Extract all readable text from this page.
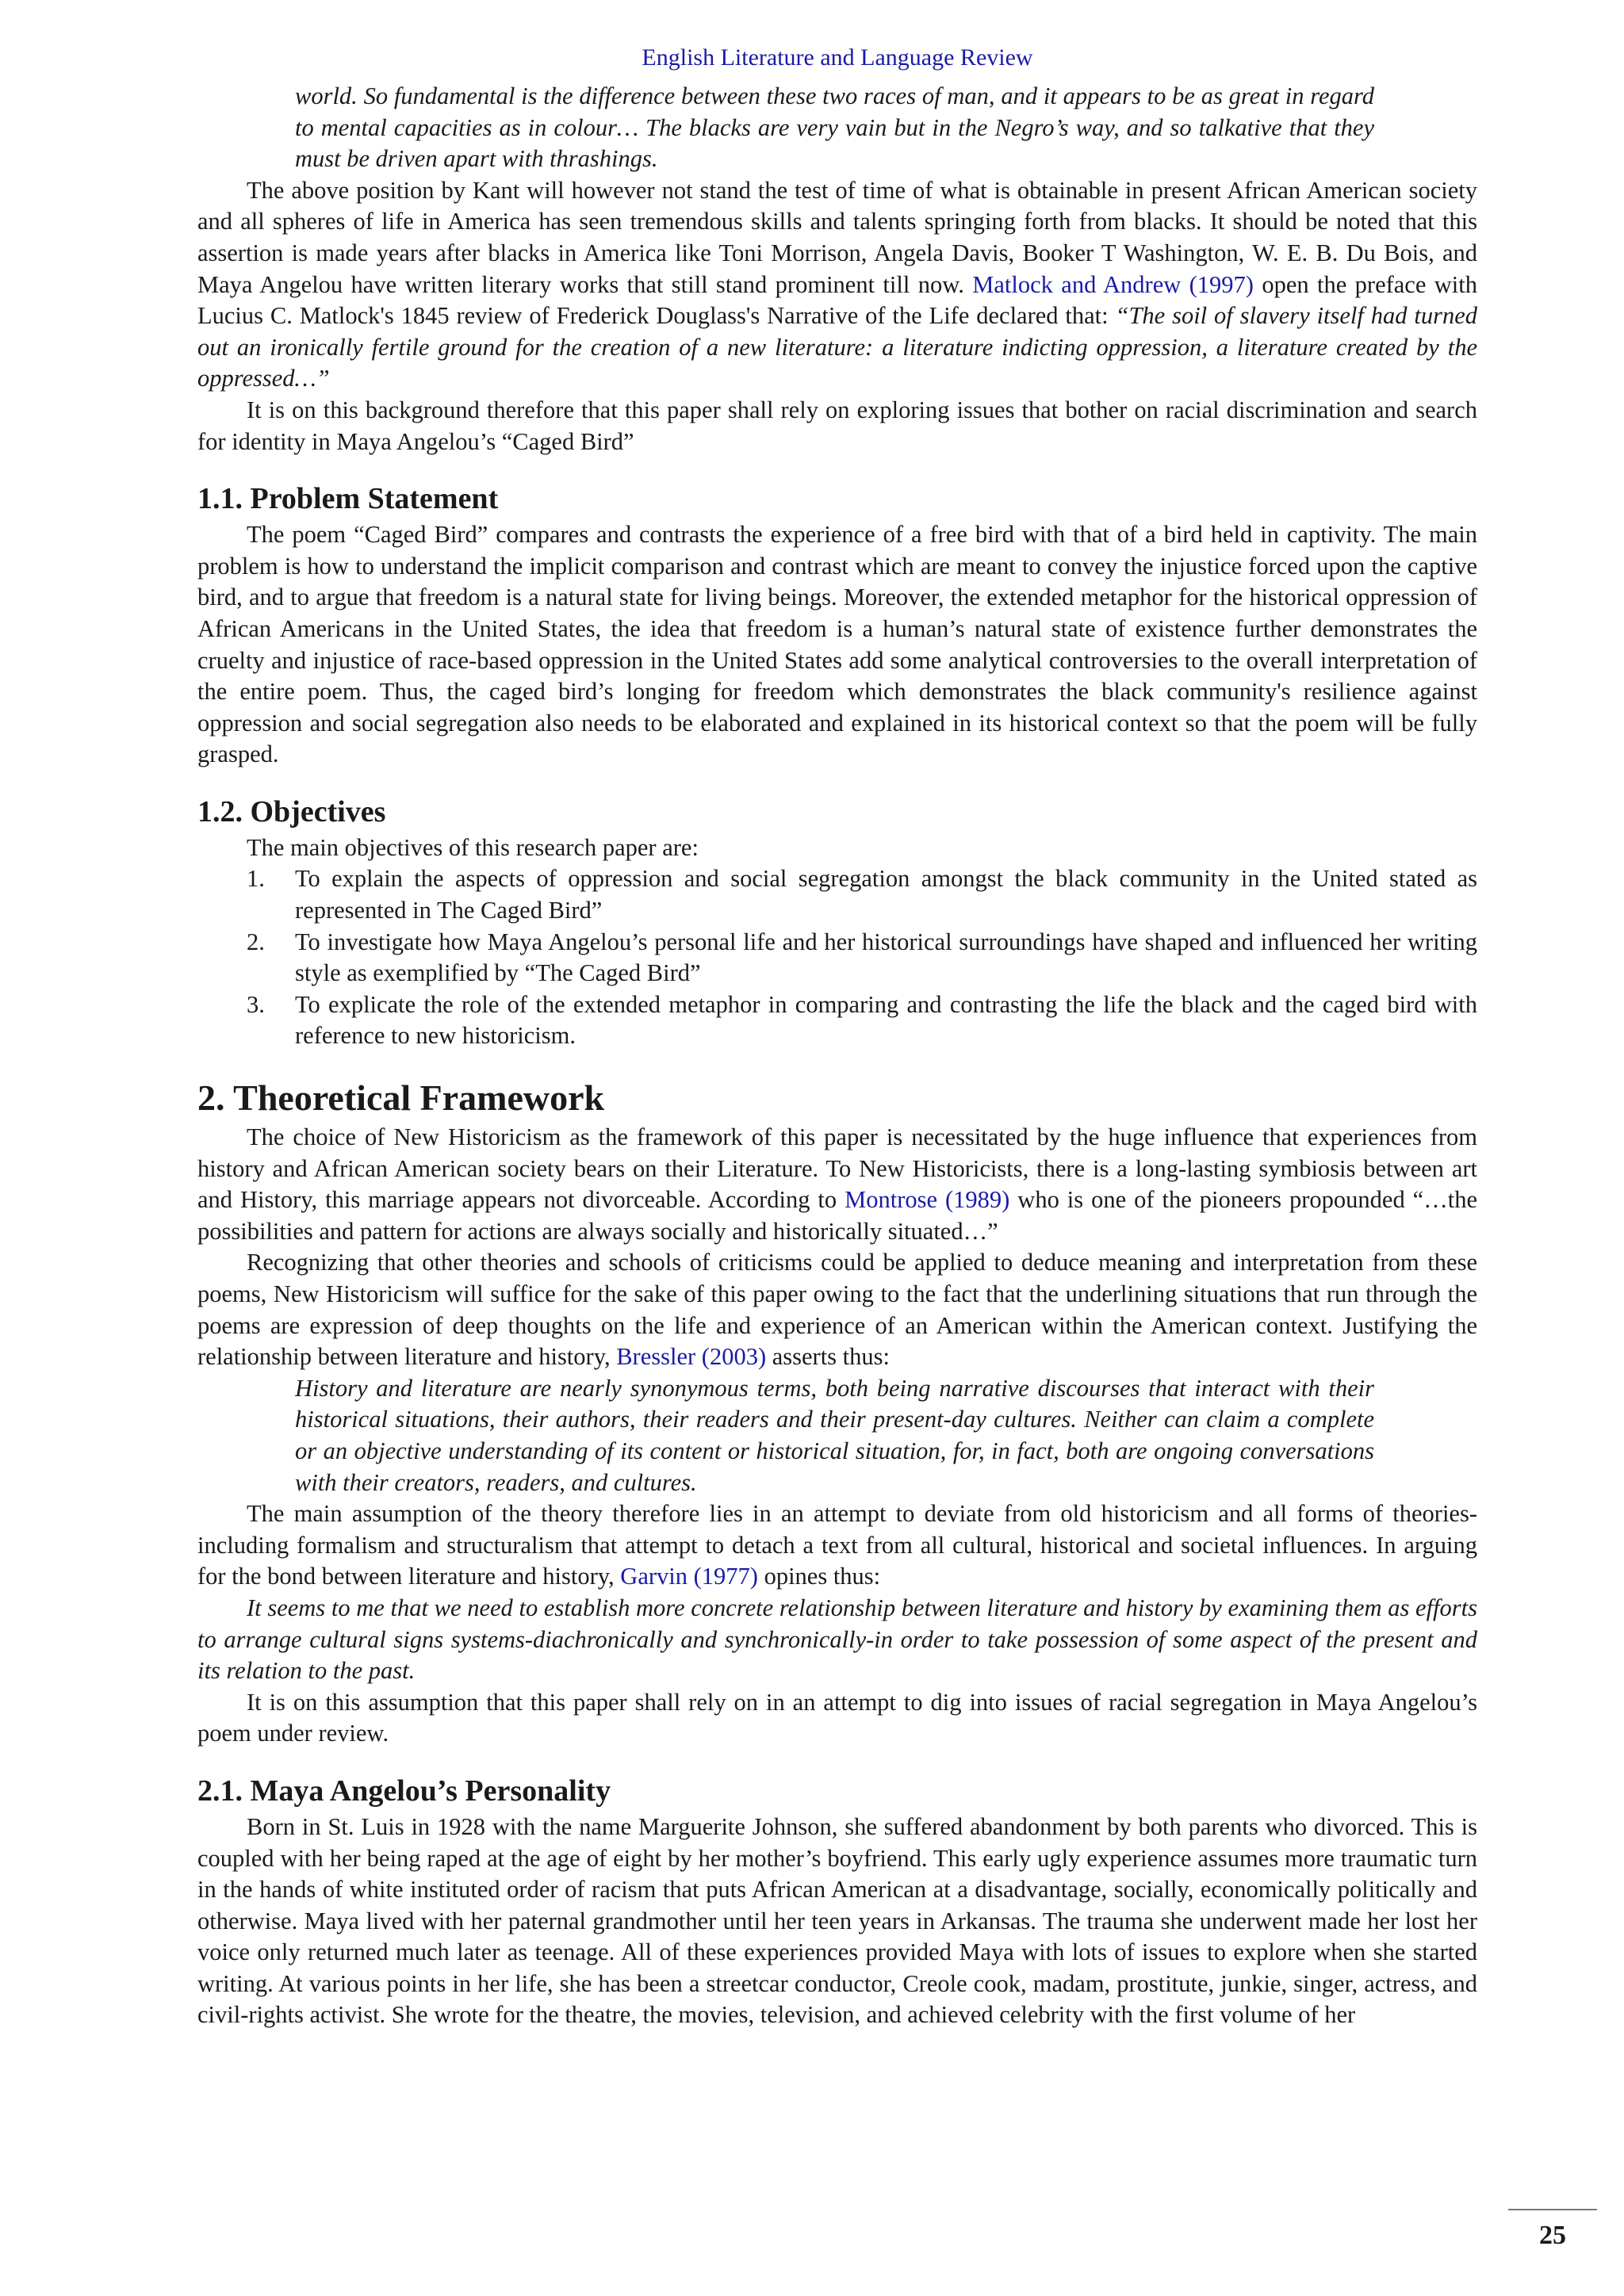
English Literature and Language Review
world. So fundamental is the difference between these two races of man, and it appears to be as great in regard to mental capacities as in colour… The blacks are very vain but in the Negro’s way, and so talkative that they must be driven apart with thrashings.

The above position by Kant will however not stand the test of time of what is obtainable in present African American society and all spheres of life in America has seen tremendous skills and talents springing forth from blacks. It should be noted that this assertion is made years after blacks in America like Toni Morrison, Angela Davis, Booker T Washington, W. E. B. Du Bois, and Maya Angelou have written literary works that still stand prominent till now. Matlock and Andrew (1997) open the preface with Lucius C. Matlock's 1845 review of Frederick Douglass's Narrative of the Life declared that: “The soil of slavery itself had turned out an ironically fertile ground for the creation of a new literature: a literature indicting oppression, a literature created by the oppressed…”

It is on this background therefore that this paper shall rely on exploring issues that bother on racial discrimination and search for identity in Maya Angelou’s “Caged Bird”

1.1. Problem Statement

The poem “Caged Bird” compares and contrasts the experience of a free bird with that of a bird held in captivity. The main problem is how to understand the implicit comparison and contrast which are meant to convey the injustice forced upon the captive bird, and to argue that freedom is a natural state for living beings. Moreover, the extended metaphor for the historical oppression of African Americans in the United States, the idea that freedom is a human’s natural state of existence further demonstrates the cruelty and injustice of race-based oppression in the United States add some analytical controversies to the overall interpretation of the entire poem. Thus, the caged bird’s longing for freedom which demonstrates the black community's resilience against oppression and social segregation also needs to be elaborated and explained in its historical context so that the poem will be fully grasped.

1.2. Objectives

The main objectives of this research paper are:

1. To explain the aspects of oppression and social segregation amongst the black community in the United stated as represented in The Caged Bird”
2. To investigate how Maya Angelou’s personal life and her historical surroundings have shaped and influenced her writing style as exemplified by “The Caged Bird”
3. To explicate the role of the extended metaphor in comparing and contrasting the life the black and the caged bird with reference to new historicism.
2. Theoretical Framework

The choice of New Historicism as the framework of this paper is necessitated by the huge influence that experiences from history and African American society bears on their Literature. To New Historicists, there is a long-lasting symbiosis between art and History, this marriage appears not divorceable. According to Montrose (1989) who is one of the pioneers propounded “…the possibilities and pattern for actions are always socially and historically situated…”

Recognizing that other theories and schools of criticisms could be applied to deduce meaning and interpretation from these poems, New Historicism will suffice for the sake of this paper owing to the fact that the underlining situations that run through the poems are expression of deep thoughts on the life and experience of an American within the American context. Justifying the relationship between literature and history, Bressler (2003) asserts thus:

History and literature are nearly synonymous terms, both being narrative discourses that interact with their historical situations, their authors, their readers and their present-day cultures. Neither can claim a complete or an objective understanding of its content or historical situation, for, in fact, both are ongoing conversations with their creators, readers, and cultures.

The main assumption of the theory therefore lies in an attempt to deviate from old historicism and all forms of theories-including formalism and structuralism that attempt to detach a text from all cultural, historical and societal influences. In arguing for the bond between literature and history, Garvin (1977) opines thus:

It seems to me that we need to establish more concrete relationship between literature and history by examining them as efforts to arrange cultural signs systems-diachronically and synchronically-in order to take possession of some aspect of the present and its relation to the past.

It is on this assumption that this paper shall rely on in an attempt to dig into issues of racial segregation in Maya Angelou’s poem under review.

2.1. Maya Angelou’s Personality

Born in St. Luis in 1928 with the name Marguerite Johnson, she suffered abandonment by both parents who divorced. This is coupled with her being raped at the age of eight by her mother’s boyfriend. This early ugly experience assumes more traumatic turn in the hands of white instituted order of racism that puts African American at a disadvantage, socially, economically politically and otherwise. Maya lived with her paternal grandmother until her teen years in Arkansas. The trauma she underwent made her lost her voice only returned much later as teenage. All of these experiences provided Maya with lots of issues to explore when she started writing. At various points in her life, she has been a streetcar conductor, Creole cook, madam, prostitute, junkie, singer, actress, and civil-rights activist. She wrote for the theatre, the movies, television, and achieved celebrity with the first volume of her

25
